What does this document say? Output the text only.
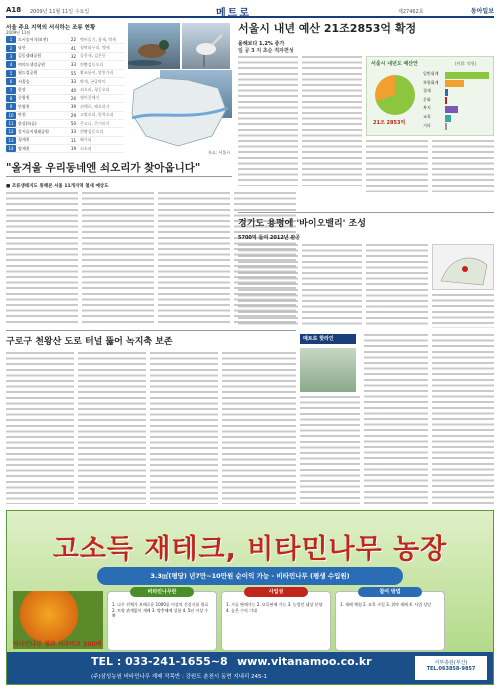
A18 2009년 11월 11일 수요일	메트로	제27462호	동아일보
서울 주요 지역의 서식하는 조류 현황
2009년 11월
1	도시숲서식(보전)	22 멧비둘기, 참새, 박새
2	남산	41 청딱따구리, 멧새
3	길동생태공원	32 물총새, 검은등
4	여의도샛강공원	33 흰뺨검둥오리
5	월드컵공원	55 황조롱이, 말똥가리
6	서울숲	33 박새, 곤줄박이
7	한강	40 쇠오리, 청둥오리
8	중랑천	26 괭이갈매기
9	안양천	39 쇠백로, 해오라기
10	탄천	29 고방오리, 알락오리
11	한강(하류)	50 큰고니, 큰기러기
12	강서습지생태공원	33 흰뺨검둥오리
13	청계천	11 왜가리
14	양재천	19 쇠오리
자료: 서울시
"올겨울 우리동네엔 쇠오리가 찾아옵니다"
■ 조류생태지도 통해본 서울 11개지역 철새 예상도
서울시 내년 예산 21조2853억 확정
올해보다 1.2% 증가
일 공 3 지 초순 적자편성
서울시 내년도 예산안	(단위: 억원)
21조 2853억
일반회계
특별회계
경제
문화
복지
교육
기타
경기도 용평에 '바이오밸리' 조성
5700억 들여 2012년 완공
구로구 천왕산 도로 터널 뚫어 녹지축 보존	메트로 핫라인
고소득 재테크, 비타민나무 농장
3.3㎡(평당) 년7만~10만원 순이익 가능 - 비타민나무 (평생 수입원)
비타민나무란
1. 나무 전체가 보배로운 1000종 이상의 건강식품 원료 2. 토양 관계없이 재배 3. 병충해에 강함 4. 5년 이상 수확
사업성
1. 가공 판매가능 2. 묘목판매 가능 3. 농업인 대상 분양 4. 높은 수익 기대
참여 방법
1. 재배 체험 2. 묘목 구입 3. 위탁 재배 4. 사업 상담
비타민나무 생과 사과비교 200배
TEL : 033-241-1655~8 www.vitanamoo.co.kr
(주)삼성농원 비타민나무 재배 작목반 : 강원도 춘천시 동면 지내리 245-1
서부총판(부산)
TEL.063858-9857
